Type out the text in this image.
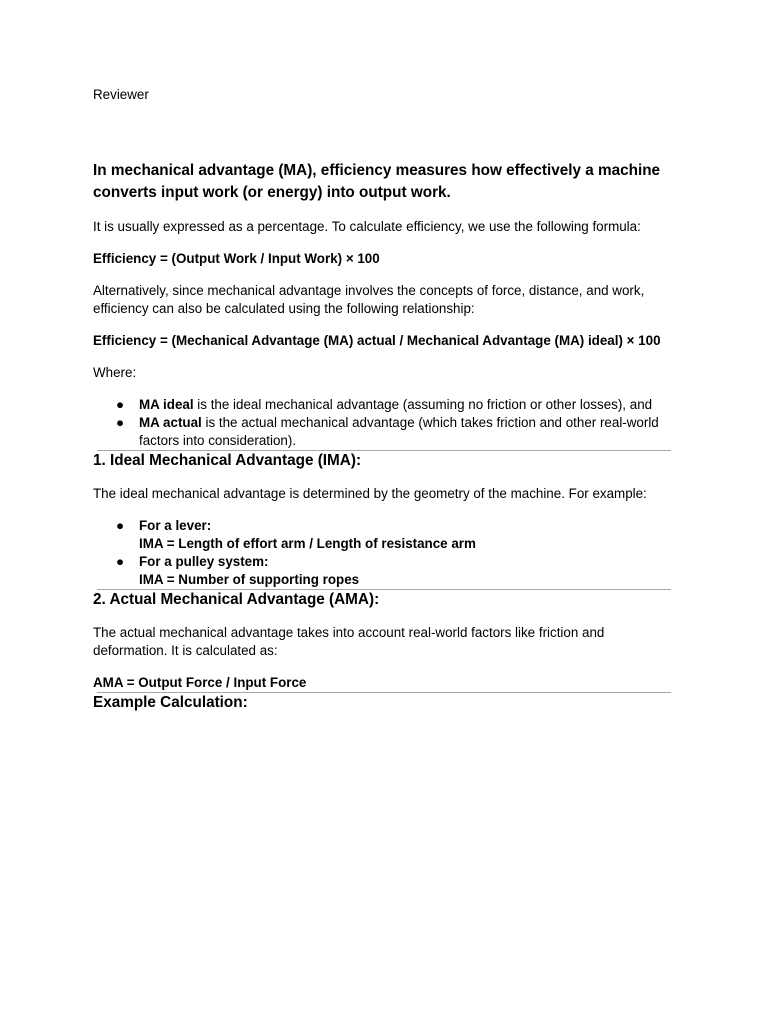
Reviewer

In mechanical advantage (MA), efficiency measures how effectively a machine converts input work (or energy) into output work.

It is usually expressed as a percentage. To calculate efficiency, we use the following formula:

Efficiency = (Output Work / Input Work) × 100

Alternatively, since mechanical advantage involves the concepts of force, distance, and work, efficiency can also be calculated using the following relationship:

Efficiency = (Mechanical Advantage (MA) actual / Mechanical Advantage (MA) ideal) × 100

Where:

● MA ideal is the ideal mechanical advantage (assuming no friction or other losses), and
● MA actual is the actual mechanical advantage (which takes friction and other real-world factors into consideration).
1. Ideal Mechanical Advantage (IMA):

The ideal mechanical advantage is determined by the geometry of the machine. For example:

● For a lever:
IMA = Length of effort arm / Length of resistance arm
● For a pulley system:
IMA = Number of supporting ropes
2. Actual Mechanical Advantage (AMA):

The actual mechanical advantage takes into account real-world factors like friction and deformation. It is calculated as:

AMA = Output Force / Input Force

Example Calculation:
